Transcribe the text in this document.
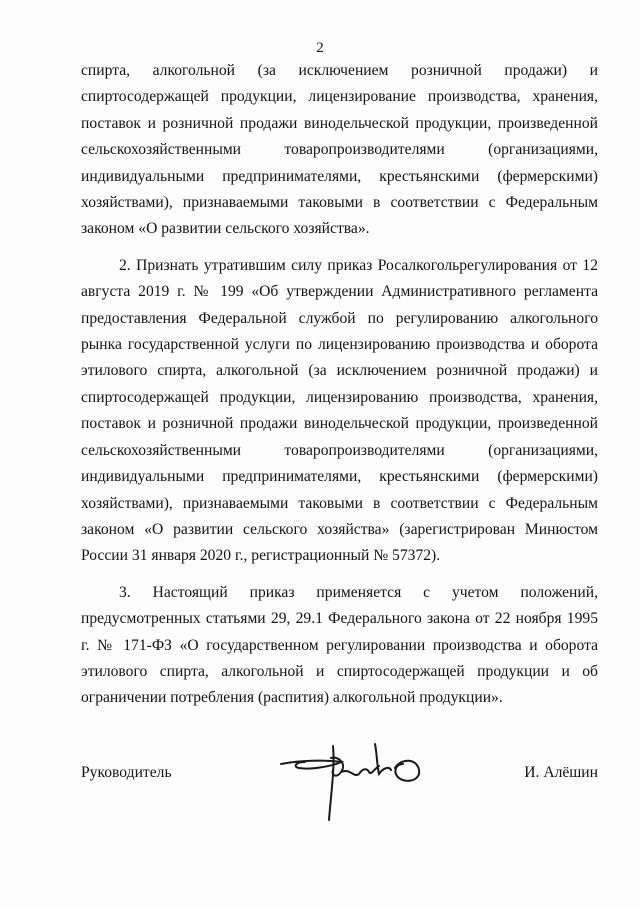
2

спирта, алкогольной (за исключением розничной продажи) и спиртосодержащей продукции, лицензирование производства, хранения, поставок и розничной продажи винодельческой продукции, произведенной сельскохозяйственными товаропроизводителями (организациями, индивидуальными предпринимателями, крестьянскими (фермерскими) хозяйствами), признаваемыми таковыми в соответствии с Федеральным законом «О развитии сельского хозяйства».

2. Признать утратившим силу приказ Росалкогольрегулирования от 12 августа 2019 г. № 199 «Об утверждении Административного регламента предоставления Федеральной службой по регулированию алкогольного рынка государственной услуги по лицензированию производства и оборота этилового спирта, алкогольной (за исключением розничной продажи) и спиртосодержащей продукции, лицензированию производства, хранения, поставок и розничной продажи винодельческой продукции, произведенной сельскохозяйственными товаропроизводителями (организациями, индивидуальными предпринимателями, крестьянскими (фермерскими) хозяйствами), признаваемыми таковыми в соответствии с Федеральным законом «О развитии сельского хозяйства» (зарегистрирован Минюстом России 31 января 2020 г., регистрационный № 57372).

3. Настоящий приказ применяется с учетом положений, предусмотренных статьями 29, 29.1 Федерального закона от 22 ноября 1995 г. № 171-ФЗ «О государственном регулировании производства и оборота этилового спирта, алкогольной и спиртосодержащей продукции и об ограничении потребления (распития) алкогольной продукции».

Руководитель	И. Алёшин
